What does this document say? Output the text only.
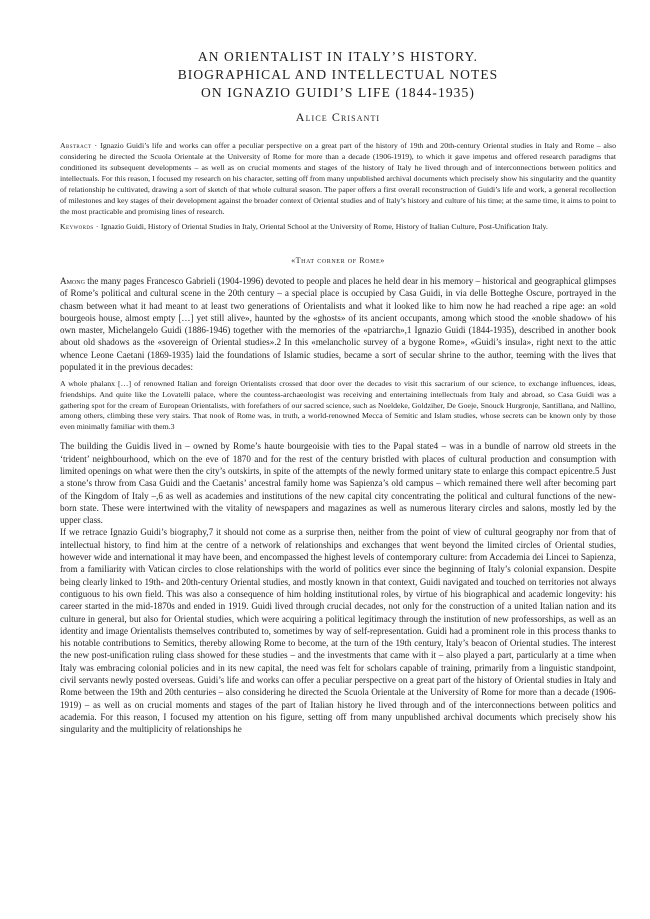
AN ORIENTALIST IN ITALY’S HISTORY.
BIOGRAPHICAL AND INTELLECTUAL NOTES
ON IGNAZIO GUIDI’S LIFE (1844-1935)
Alice Crisanti
Abstract · Ignazio Guidi’s life and works can offer a peculiar perspective on a great part of the history of 19th and 20th-century Oriental studies in Italy and Rome – also considering he directed the Scuola Orientale at the University of Rome for more than a decade (1906-1919), to which it gave impetus and offered research paradigms that conditioned its subsequent developments – as well as on crucial moments and stages of the history of Italy he lived through and of interconnections between politics and intellectuals. For this reason, I focused my research on his character, setting off from many unpublished archival documents which precisely show his singularity and the quantity of relationship he cultivated, drawing a sort of sketch of that whole cultural season. The paper offers a first overall reconstruction of Guidi’s life and work, a general recollection of milestones and key stages of their development against the broader context of Oriental studies and of Italy’s history and culture of his time; at the same time, it aims to point to the most practicable and promising lines of research.
Keywords · Ignazio Guidi, History of Oriental Studies in Italy, Oriental School at the University of Rome, History of Italian Culture, Post-Unification Italy.
«That corner of Rome»

Among the many pages Francesco Gabrieli (1904-1996) devoted to people and places he held dear in his memory – historical and geographical glimpses of Rome’s political and cultural scene in the 20th century – a special place is occupied by Casa Guidi, in via delle Botteghe Oscure, portrayed in the chasm between what it had meant to at least two generations of Orientalists and what it looked like to him now he had reached a ripe age: an «old bourgeois house, almost empty […] yet still alive», haunted by the «ghosts» of its ancient occupants, among which stood the «noble shadow» of his own master, Michelangelo Guidi (1886-1946) together with the memories of the «patriarch»,1 Ignazio Guidi (1844-1935), described in another book about old shadows as the «sovereign of Oriental studies».2 In this «melancholic survey of a bygone Rome», «Guidi’s insula», right next to the attic whence Leone Caetani (1869-1935) laid the foundations of Islamic studies, became a sort of secular shrine to the author, teeming with the lives that populated it in the previous decades:

A whole phalanx […] of renowned Italian and foreign Orientalists crossed that door over the decades to visit this sacrarium of our science, to exchange influences, ideas, friendships. And quite like the Lovatelli palace, where the countess-archaeologist was receiving and entertaining intellectuals from Italy and abroad, so Casa Guidi was a gathering spot for the cream of European Orientalists, with forefathers of our sacred science, such as Noeldeke, Goldziher, De Goeje, Snouck Hurgronje, Santillana, and Nallino, among others, climbing these very stairs. That nook of Rome was, in truth, a world-renowned Mecca of Semitic and Islam studies, whose secrets can be known only by those even minimally familiar with them.3

The building the Guidis lived in – owned by Rome’s haute bourgeoisie with ties to the Papal state4 – was in a bundle of narrow old streets in the ‘trident’ neighbourhood, which on the eve of 1870 and for the rest of the century bristled with places of cultural production and consumption with limited openings on what were then the city’s outskirts, in spite of the attempts of the newly formed unitary state to enlarge this compact epicentre.5 Just a stone’s throw from Casa Guidi and the Caetanis’ ancestral family home was Sapienza’s old campus – which remained there well after becoming part of the Kingdom of Italy –,6 as well as academies and institutions of the new capital city concentrating the political and cultural functions of the new-born state. These were intertwined with the vitality of newspapers and magazines as well as numerous literary circles and salons, mostly led by the upper class.

If we retrace Ignazio Guidi’s biography,7 it should not come as a surprise then, neither from the point of view of cultural geography nor from that of intellectual history, to find him at the centre of a network of relationships and exchanges that went beyond the limited circles of Oriental studies, however wide and international it may have been, and encompassed the highest levels of contemporary culture: from Accademia dei Lincei to Sapienza, from a familiarity with Vatican circles to close relationships with the world of politics ever since the beginning of Italy’s colonial expansion. Despite being clearly linked to 19th- and 20th-century Oriental studies, and mostly known in that context, Guidi navigated and touched on territories not always contiguous to his own field. This was also a consequence of him holding institutional roles, by virtue of his biographical and academic longevity: his career started in the mid-1870s and ended in 1919. Guidi lived through crucial decades, not only for the construction of a united Italian nation and its culture in general, but also for Oriental studies, which were acquiring a political legitimacy through the institution of new professorships, as well as an identity and image Orientalists themselves contributed to, sometimes by way of self-representation. Guidi had a prominent role in this process thanks to his notable contributions to Semitics, thereby allowing Rome to become, at the turn of the 19th century, Italy’s beacon of Oriental studies. The interest the new post-unification ruling class showed for these studies – and the investments that came with it – also played a part, particularly at a time when Italy was embracing colonial policies and in its new capital, the need was felt for scholars capable of training, primarily from a linguistic standpoint, civil servants newly posted overseas. Guidi’s life and works can offer a peculiar perspective on a great part of the history of Oriental studies in Italy and Rome between the 19th and 20th centuries – also considering he directed the Scuola Orientale at the University of Rome for more than a decade (1906-1919) – as well as on crucial moments and stages of the part of Italian history he lived through and of the interconnections between politics and academia. For this reason, I focused my attention on his figure, setting off from many unpublished archival documents which precisely show his singularity and the multiplicity of relationships he
